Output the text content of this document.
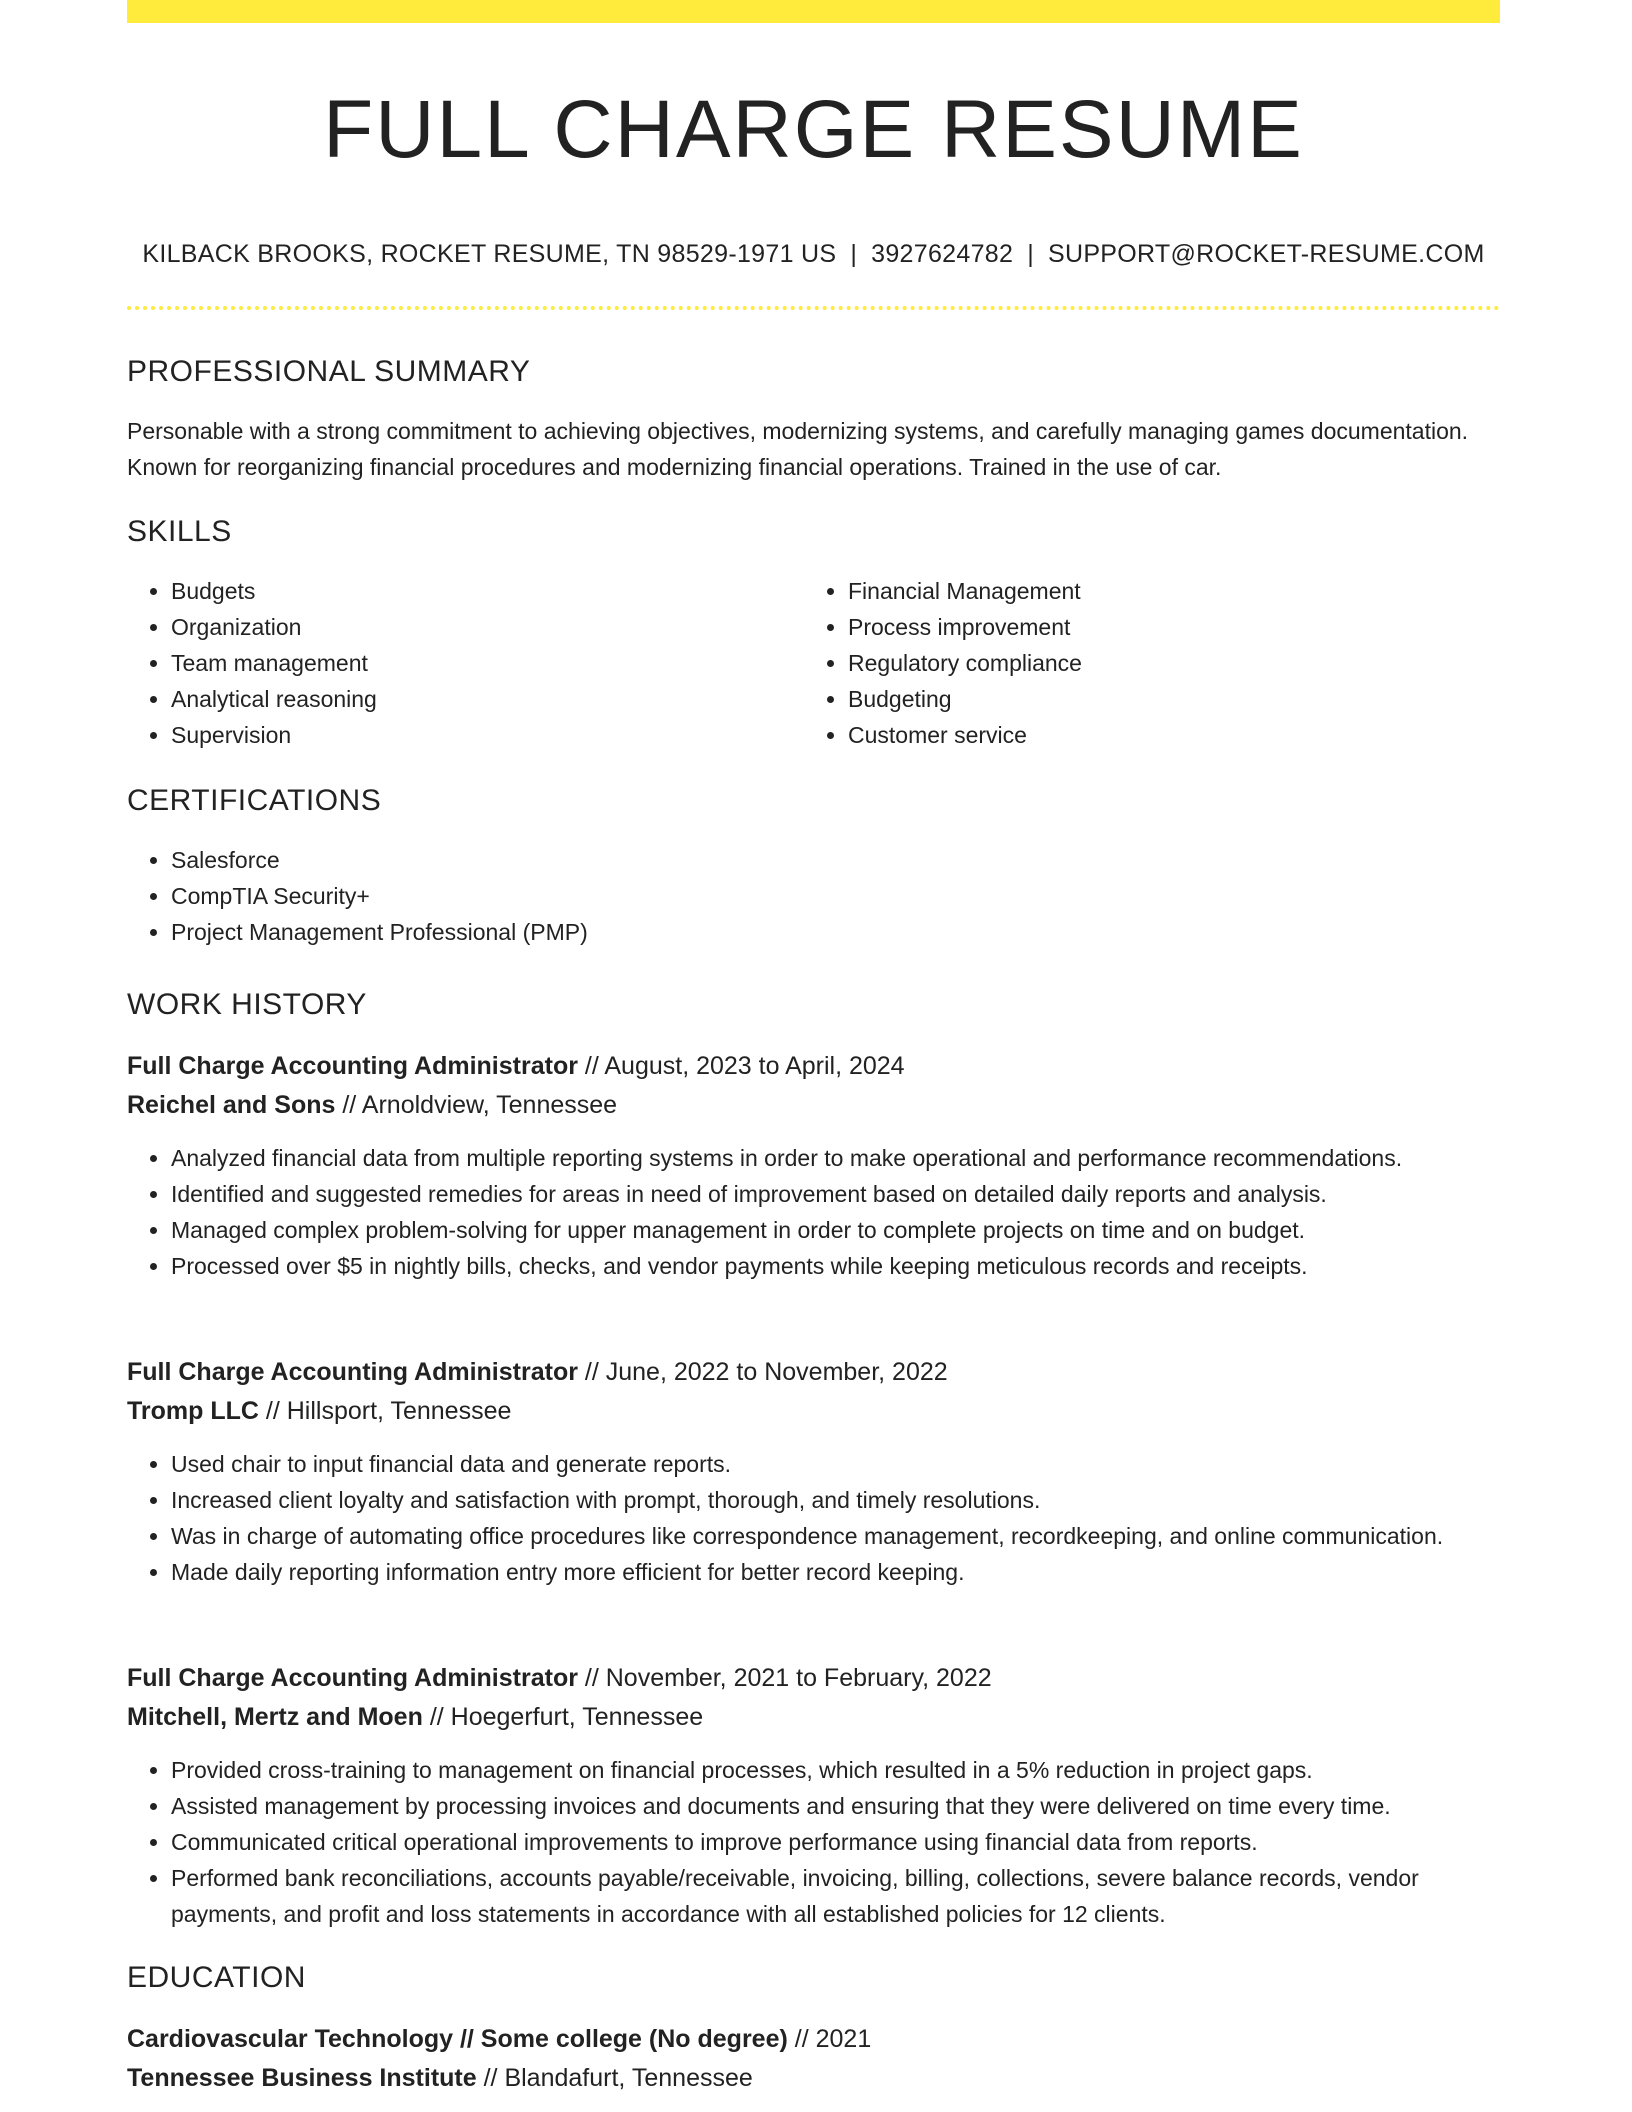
FULL CHARGE RESUME
KILBACK BROOKS, ROCKET RESUME, TN 98529-1971 US | 3927624782 | SUPPORT@ROCKET-RESUME.COM
PROFESSIONAL SUMMARY
Personable with a strong commitment to achieving objectives, modernizing systems, and carefully managing games documentation. Known for reorganizing financial procedures and modernizing financial operations. Trained in the use of car.
SKILLS
• Budgets
• Organization
• Team management
• Analytical reasoning
• Supervision
• Financial Management
• Process improvement
• Regulatory compliance
• Budgeting
• Customer service
CERTIFICATIONS
• Salesforce
• CompTIA Security+
• Project Management Professional (PMP)
WORK HISTORY
Full Charge Accounting Administrator // August, 2023 to April, 2024
Reichel and Sons // Arnoldview, Tennessee
• Analyzed financial data from multiple reporting systems in order to make operational and performance recommendations.
• Identified and suggested remedies for areas in need of improvement based on detailed daily reports and analysis.
• Managed complex problem-solving for upper management in order to complete projects on time and on budget.
• Processed over $5 in nightly bills, checks, and vendor payments while keeping meticulous records and receipts.
Full Charge Accounting Administrator // June, 2022 to November, 2022
Tromp LLC // Hillsport, Tennessee
• Used chair to input financial data and generate reports.
• Increased client loyalty and satisfaction with prompt, thorough, and timely resolutions.
• Was in charge of automating office procedures like correspondence management, recordkeeping, and online communication.
• Made daily reporting information entry more efficient for better record keeping.
Full Charge Accounting Administrator // November, 2021 to February, 2022
Mitchell, Mertz and Moen // Hoegerfurt, Tennessee
• Provided cross-training to management on financial processes, which resulted in a 5% reduction in project gaps.
• Assisted management by processing invoices and documents and ensuring that they were delivered on time every time.
• Communicated critical operational improvements to improve performance using financial data from reports.
• Performed bank reconciliations, accounts payable/receivable, invoicing, billing, collections, severe balance records, vendor payments, and profit and loss statements in accordance with all established policies for 12 clients.
EDUCATION
Cardiovascular Technology // Some college (No degree) // 2021
Tennessee Business Institute // Blandafurt, Tennessee
